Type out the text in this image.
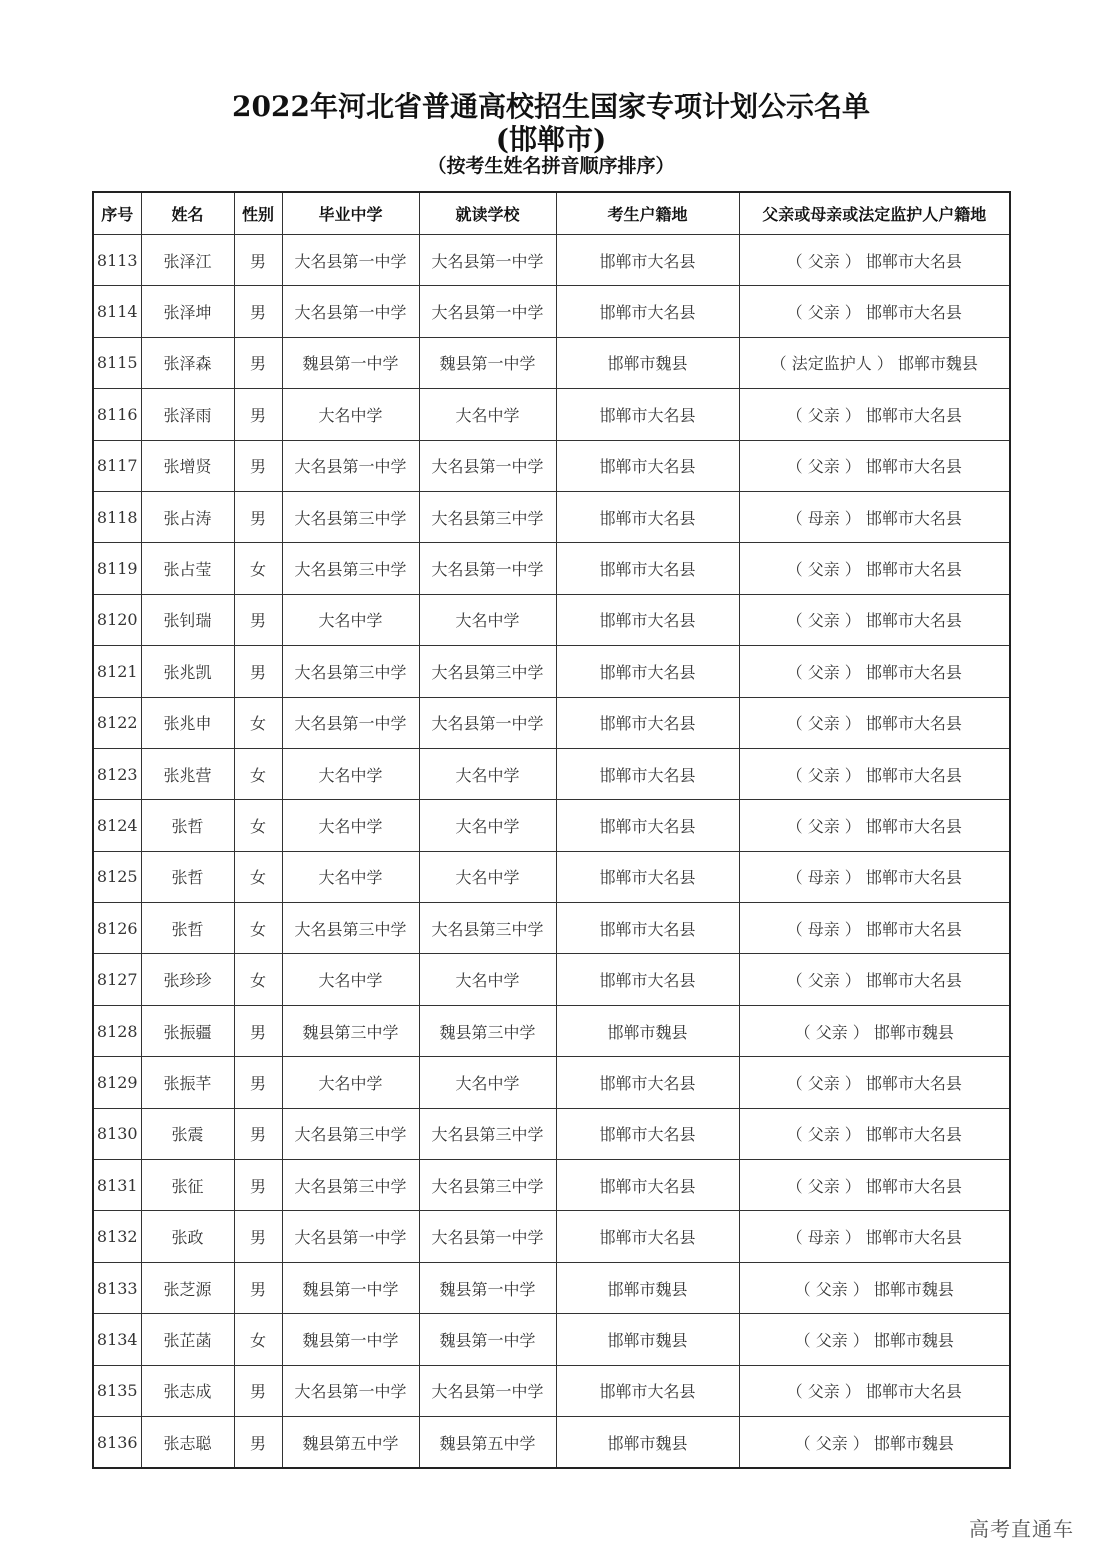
2022年河北省普通高校招生国家专项计划公示名单
(邯郸市)
（按考生姓名拼音顺序排序）
序号	姓名	性别	毕业中学	就读学校	考生户籍地	父亲或母亲或法定监护人户籍地
8113	张泽江	男	大名县第一中学	大名县第一中学	邯郸市大名县	（ 父亲 ） 邯郸市大名县
8114	张泽坤	男	大名县第一中学	大名县第一中学	邯郸市大名县	（ 父亲 ） 邯郸市大名县
8115	张泽森	男	魏县第一中学	魏县第一中学	邯郸市魏县	（ 法定监护人 ） 邯郸市魏县
8116	张泽雨	男	大名中学	大名中学	邯郸市大名县	（ 父亲 ） 邯郸市大名县
8117	张增贤	男	大名县第一中学	大名县第一中学	邯郸市大名县	（ 父亲 ） 邯郸市大名县
8118	张占涛	男	大名县第三中学	大名县第三中学	邯郸市大名县	（ 母亲 ） 邯郸市大名县
8119	张占莹	女	大名县第三中学	大名县第一中学	邯郸市大名县	（ 父亲 ） 邯郸市大名县
8120	张钊瑞	男	大名中学	大名中学	邯郸市大名县	（ 父亲 ） 邯郸市大名县
8121	张兆凯	男	大名县第三中学	大名县第三中学	邯郸市大名县	（ 父亲 ） 邯郸市大名县
8122	张兆申	女	大名县第一中学	大名县第一中学	邯郸市大名县	（ 父亲 ） 邯郸市大名县
8123	张兆营	女	大名中学	大名中学	邯郸市大名县	（ 父亲 ） 邯郸市大名县
8124	张哲	女	大名中学	大名中学	邯郸市大名县	（ 父亲 ） 邯郸市大名县
8125	张哲	女	大名中学	大名中学	邯郸市大名县	（ 母亲 ） 邯郸市大名县
8126	张哲	女	大名县第三中学	大名县第三中学	邯郸市大名县	（ 母亲 ） 邯郸市大名县
8127	张珍珍	女	大名中学	大名中学	邯郸市大名县	（ 父亲 ） 邯郸市大名县
8128	张振疆	男	魏县第三中学	魏县第三中学	邯郸市魏县	（ 父亲 ） 邯郸市魏县
8129	张振芊	男	大名中学	大名中学	邯郸市大名县	（ 父亲 ） 邯郸市大名县
8130	张震	男	大名县第三中学	大名县第三中学	邯郸市大名县	（ 父亲 ） 邯郸市大名县
8131	张征	男	大名县第三中学	大名县第三中学	邯郸市大名县	（ 父亲 ） 邯郸市大名县
8132	张政	男	大名县第一中学	大名县第一中学	邯郸市大名县	（ 母亲 ） 邯郸市大名县
8133	张芝源	男	魏县第一中学	魏县第一中学	邯郸市魏县	（ 父亲 ） 邯郸市魏县
8134	张芷菡	女	魏县第一中学	魏县第一中学	邯郸市魏县	（ 父亲 ） 邯郸市魏县
8135	张志成	男	大名县第一中学	大名县第一中学	邯郸市大名县	（ 父亲 ） 邯郸市大名县
8136	张志聪	男	魏县第五中学	魏县第五中学	邯郸市魏县	（ 父亲 ） 邯郸市魏县
高考直通车
